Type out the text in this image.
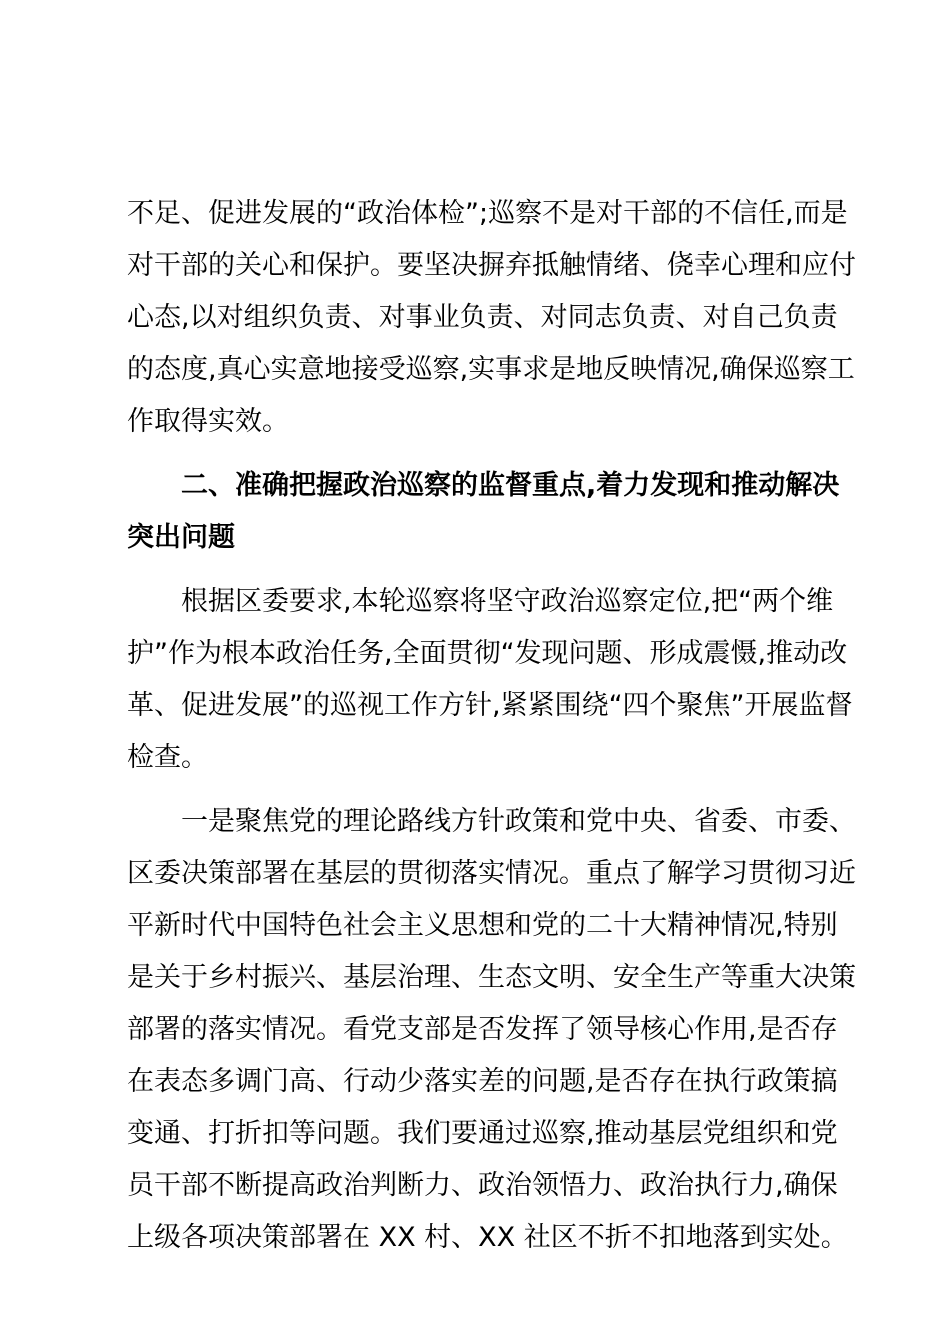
不足、促进发展的“政治体检”;巡察不是对干部的不信任,而是
对干部的关心和保护。要坚决摒弃抵触情绪、侥幸心理和应付
心态,以对组织负责、对事业负责、对同志负责、对自己负责
的态度,真心实意地接受巡察,实事求是地反映情况,确保巡察工
作取得实效。
二、准确把握政治巡察的监督重点,着力发现和推动解决
突出问题
根据区委要求,本轮巡察将坚守政治巡察定位,把“两个维
护”作为根本政治任务,全面贯彻“发现问题、形成震慑,推动改
革、促进发展”的巡视工作方针,紧紧围绕“四个聚焦”开展监督
检查。
一是聚焦党的理论路线方针政策和党中央、省委、市委、
区委决策部署在基层的贯彻落实情况。重点了解学习贯彻习近
平新时代中国特色社会主义思想和党的二十大精神情况,特别
是关于乡村振兴、基层治理、生态文明、安全生产等重大决策
部署的落实情况。看党支部是否发挥了领导核心作用,是否存
在表态多调门高、行动少落实差的问题,是否存在执行政策搞
变通、打折扣等问题。我们要通过巡察,推动基层党组织和党
员干部不断提高政治判断力、政治领悟力、政治执行力,确保
上级各项决策部署在 XX 村、XX 社区不折不扣地落到实处。
